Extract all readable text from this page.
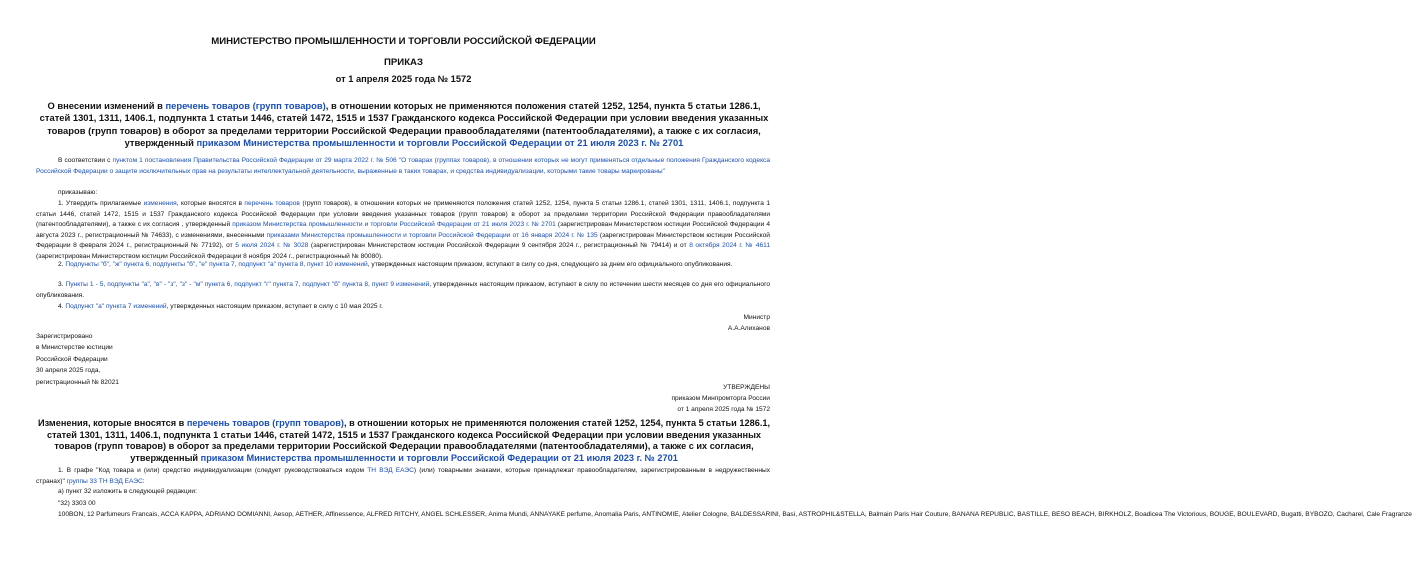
МИНИСТЕРСТВО ПРОМЫШЛЕННОСТИ И ТОРГОВЛИ РОССИЙСКОЙ ФЕДЕРАЦИИ
ПРИКАЗ
от 1 апреля 2025 года № 1572
О внесении изменений в перечень товаров (групп товаров), в отношении которых не применяются положения статей 1252, 1254, пункта 5 статьи 1286.1, статей 1301, 1311, 1406.1, подпункта 1 статьи 1446, статей 1472, 1515 и 1537 Гражданского кодекса Российской Федерации при условии введения указанных товаров (групп товаров) в оборот за пределами территории Российской Федерации правообладателями (патентообладателями), а также с их согласия, утвержденный приказом Министерства промышленности и торговли Российской Федерации от 21 июля 2023 г. № 2701
В соответствии с пунктом 1 постановления Правительства Российской Федерации от 29 марта 2022 г. № 506 "О товарах (группах товаров), в отношении которых не могут применяться отдельные положения Гражданского кодекса Российской Федерации о защите исключительных прав на результаты интеллектуальной деятельности, выраженные в таких товарах, и средства индивидуализации, которыми такие товары маркированы"
приказываю:
1. Утвердить прилагаемые изменения, которые вносятся в перечень товаров (групп товаров), в отношении которых не применяются положения статей 1252, 1254, пункта 5 статьи 1286.1, статей 1301, 1311, 1406.1, подпункта 1 статьи 1446, статей 1472, 1515 и 1537 Гражданского кодекса Российской Федерации при условии введения указанных товаров (групп товаров) в оборот за пределами территории Российской Федерации правообладателями (патентообладателями), а также с их согласия , утвержденный приказом Министерства промышленности и торговли Российской Федерации от 21 июля 2023 г. № 2701 (зарегистрирован Министерством юстиции Российской Федерации 4 августа 2023 г., регистрационный № 74633), с изменениями, внесенными приказами Министерства промышленности и торговли Российской Федерации от 16 января 2024 г. № 135 (зарегистрирован Министерством юстиции Российской Федерации 8 февраля 2024 г., регистрационный № 77192), от 5 июля 2024 г. № 3028 (зарегистрирован Министерством юстиции Российской Федерации 9 сентября 2024 г., регистрационный № 79414) и от 8 октября 2024 г. № 4611 (зарегистрирован Министерством юстиции Российской Федерации 8 ноября 2024 г., регистрационный № 80080).
2. Подпункты "б", "ж" пункта 6, подпункты "б", "е" пункта 7, подпункт "а" пункта 8, пункт 10 изменений, утвержденных настоящим приказом, вступают в силу со дня, следующего за днем его официального опубликования.
3. Пункты 1 - 5, подпункты "а", "в" - "з", "з" - "м" пункта 6, подпункт "г" пункта 7, подпункт "б" пункта 8, пункт 9 изменений, утвержденных настоящим приказом, вступают в силу по истечении шести месяцев со дня его официального опубликования.
4. Подпункт "а" пункта 7 изменений, утвержденных настоящим приказом, вступает в силу с 10 мая 2025 г.
Министр
А.А.Алиханов
Зарегистрировано
в Министерстве юстиции
Российской Федерации
30 апреля 2025 года,
регистрационный № 82021
УТВЕРЖДЕНЫ
приказом Минпромторга России
от 1 апреля 2025 года № 1572
Изменения, которые вносятся в перечень товаров (групп товаров), в отношении которых не применяются положения статей 1252, 1254, пункта 5 статьи 1286.1, статей 1301, 1311, 1406.1, подпункта 1 статьи 1446, статей 1472, 1515 и 1537 Гражданского кодекса Российской Федерации при условии введения указанных товаров (групп товаров) в оборот за пределами территории Российской Федерации правообладателями (патентообладателями), а также с их согласия, утвержденный приказом Министерства промышленности и торговли Российской Федерации от 21 июля 2023 г. № 2701
1. В графе "Код товара и (или) средство индивидуализации (следует руководствоваться кодом ТН ВЭД ЕАЭС) (или) товарными знаками, которые принадлежат правообладателям, зарегистрированным в недружественных странах)" группы 33 ТН ВЭД ЕАЭС:
а) пункт 32 изложить в следующей редакции:
"32) 3303 00
100BON, 12 Parfumeurs Francais, ACCA KAPPA, ADRIANO DOMIANNI, Aesop, AETHER, Affinessence, ALFRED RITCHY, ANGEL SCHLESSER, Anima Mundi, ANNAYAKE perfume, Anomalia Paris, ANTINOMIE, Atelier Cologne, BALDESSARINI, Basi, ASTROPHIL&STELLA, Balmain Paris Hair Couture, BANANA REPUBLIC, BASTILLE, BESO BEACH, BIRKHOLZ, Boadicea The Victorious, BOUGE, BOULEVARD, Bugatti, BYBOZO, Cacharel, Cale Fragranze
